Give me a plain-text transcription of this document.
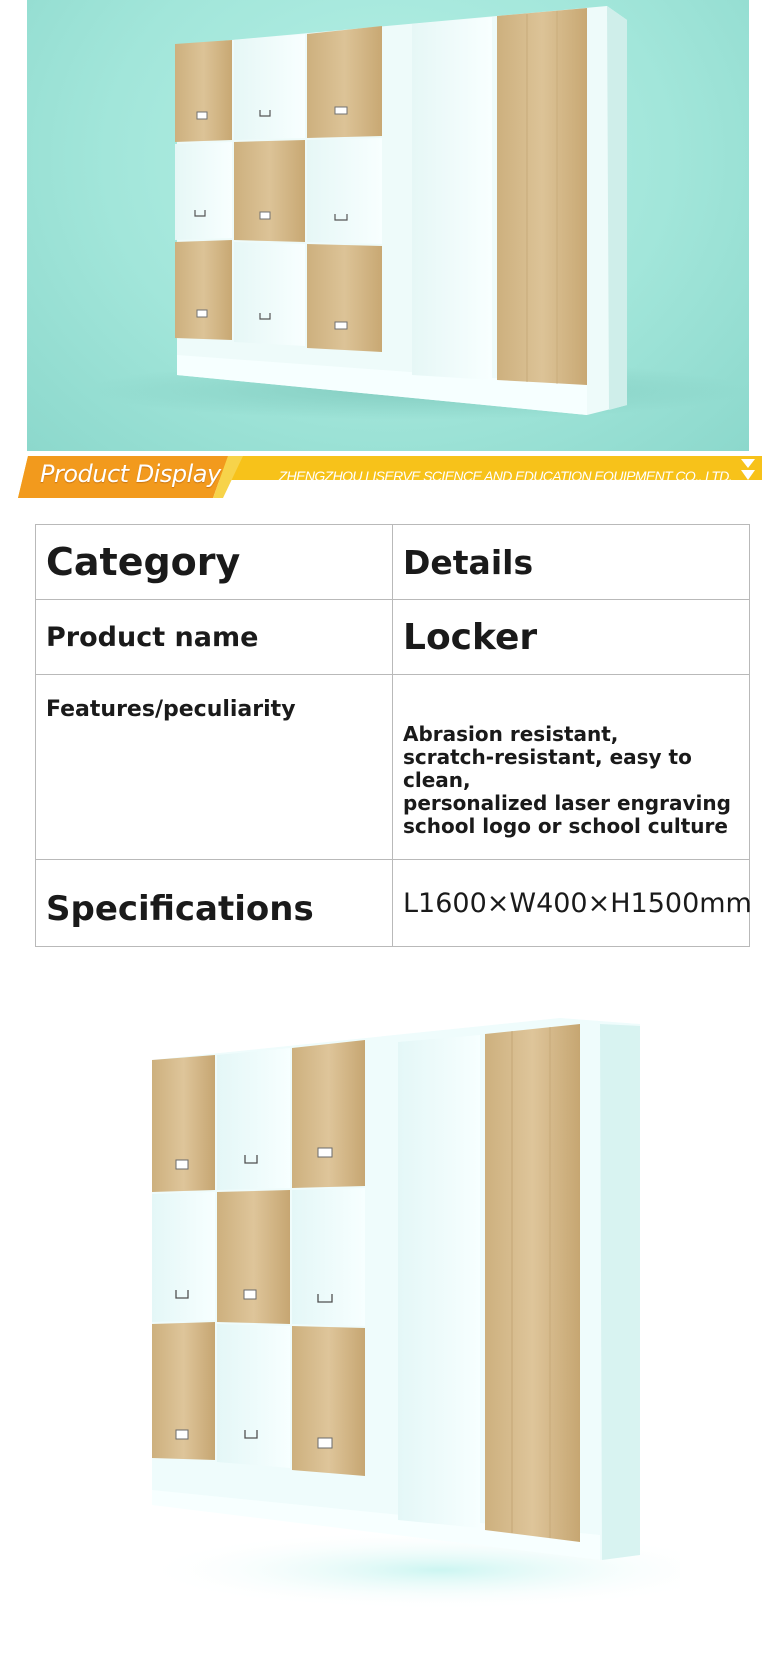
Product Display	ZHENGZHOU LISERVE SCIENCE AND EDUCATION EQUIPMENT CO., LTD.
Category	Details
Product name	Locker
Features/peculiarity	Abrasion resistant,
scratch-resistant, easy to clean,
personalized laser engraving
school logo or school culture

Specifications	L1600×W400×H1500mm
